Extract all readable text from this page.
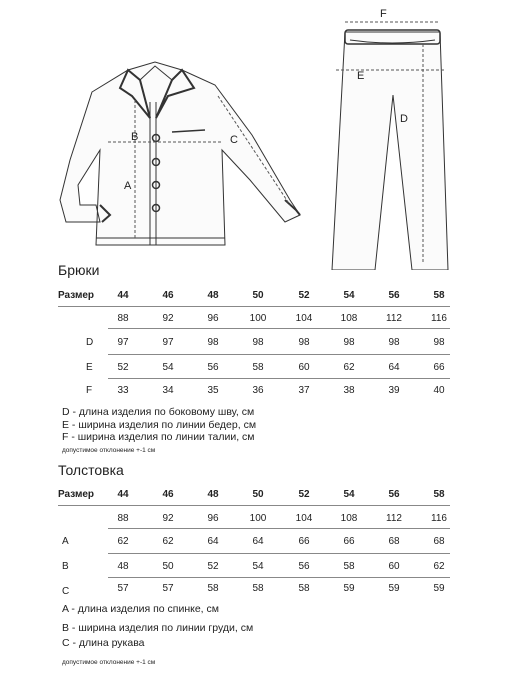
B
A
C
F
E
D
Брюки
Размер	44	46	48	50	52	54	56	58
88	92	96	100	104	108	112	116
D	97	97	98	98	98	98	98	98
E	52	54	56	58	60	62	64	66
F	33	34	35	36	37	38	39	40
D - длина изделия по боковому шву, см
E - ширина изделия по линии бедер, см
F - ширина изделия по линии талии, см
допустимое отклонение +-1 см
Толстовка
Размер	44	46	48	50	52	54	56	58
88	92	96	100	104	108	112	116
A	62	62	64	64	66	66	68	68
B	48	50	52	54	56	58	60	62
C	57	57	58	58	58	59	59	59
A - длина изделия по спинке, см
B - ширина изделия по линии груди, см
C - длина рукава
допустимое отклонение +-1 см
